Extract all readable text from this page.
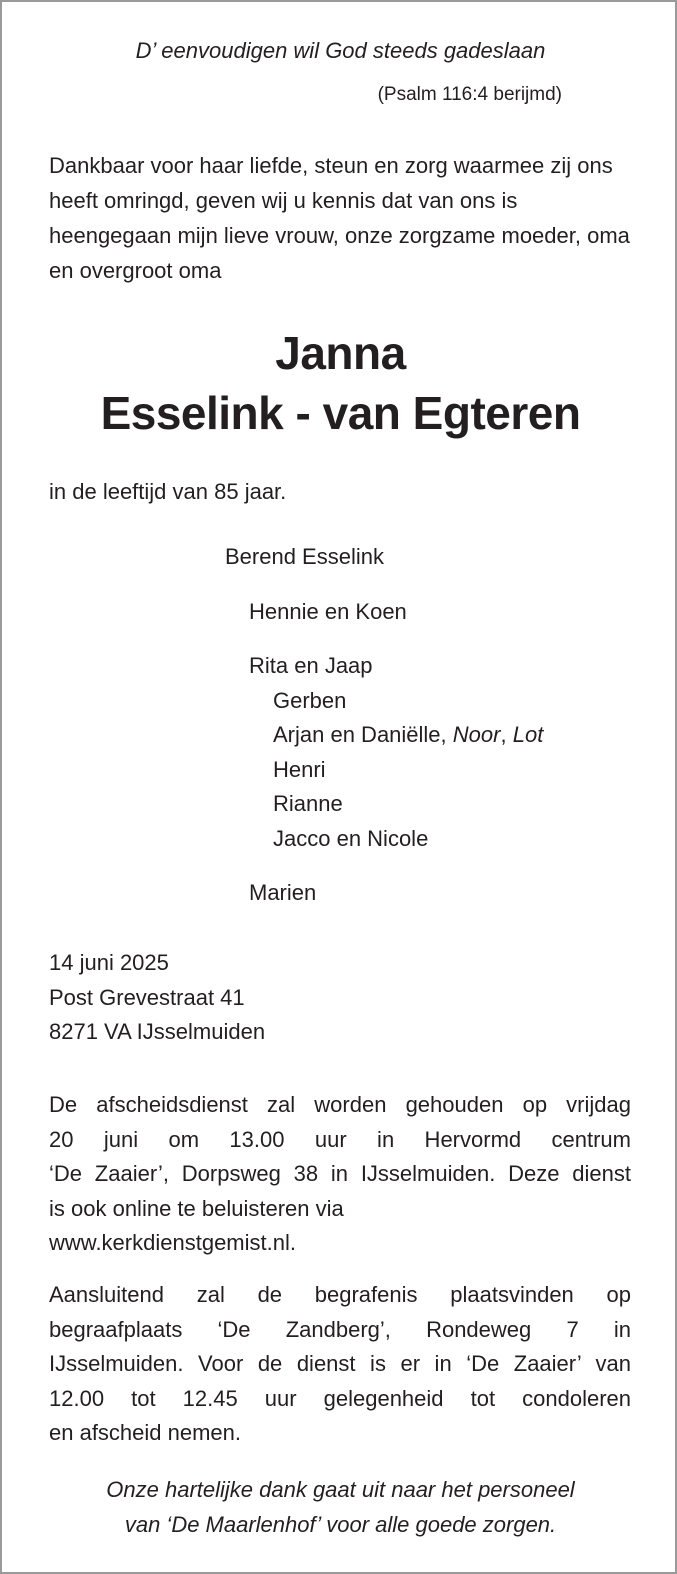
D’ eenvoudigen wil God steeds gadeslaan

(Psalm 116:4 berijmd)

Dankbaar voor haar liefde, steun en zorg waarmee zij ons heeft omringd, geven wij u kennis dat van ons is heengegaan mijn lieve vrouw, onze zorgzame moeder, oma en overgroot oma

Janna

Esselink - van Egteren

in de leeftijd van 85 jaar.

Berend Esselink

Hennie en Koen

Rita en Jaap

Gerben

Arjan en Daniëlle, Noor, Lot

Henri

Rianne

Jacco en Nicole

Marien

14 juni 2025

Post Grevestraat 41

8271 VA IJsselmuiden

De afscheidsdienst zal worden gehouden op vrijdag
20 juni om 13.00 uur in Hervormd centrum
‘De Zaaier’, Dorpsweg 38 in IJsselmuiden. Deze dienst
is ook online te beluisteren via
www.kerkdienstgemist.nl.
Aansluitend zal de begrafenis plaatsvinden op
begraafplaats ‘De Zandberg’, Rondeweg 7 in
IJsselmuiden. Voor de dienst is er in ‘De Zaaier’ van
12.00 tot 12.45 uur gelegenheid tot condoleren
en afscheid nemen.
Onze hartelijke dank gaat uit naar het personeel
van ‘De Maarlenhof’ voor alle goede zorgen.
